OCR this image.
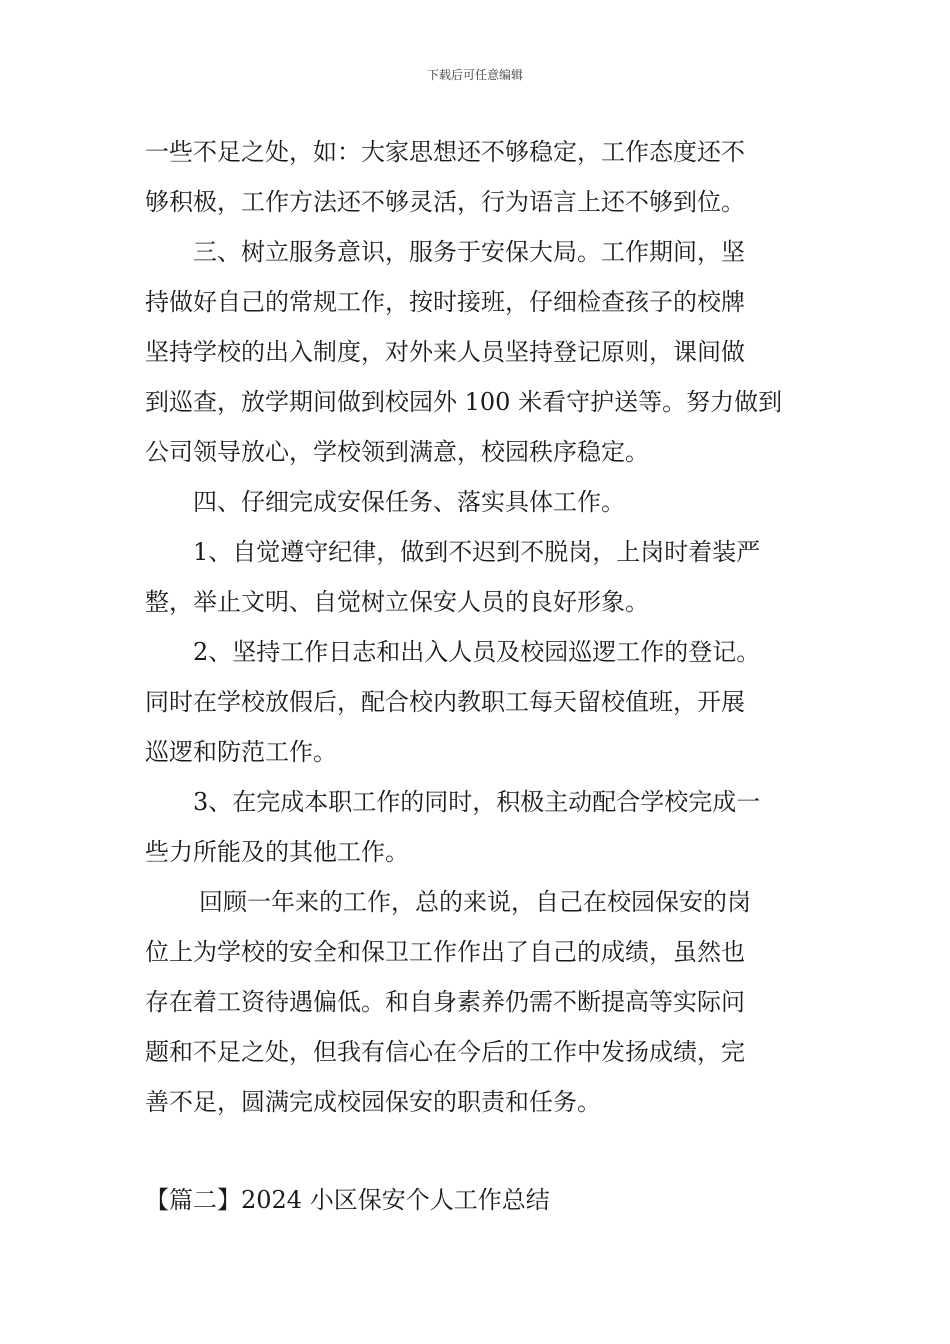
下载后可任意编辑
一些不足之处，如：大家思想还不够稳定，工作态度还不
够积极，工作方法还不够灵活，行为语言上还不够到位。
三、树立服务意识，服务于安保大局。工作期间，坚
持做好自己的常规工作，按时接班，仔细检查孩子的校牌
坚持学校的出入制度，对外来人员坚持登记原则，课间做
到巡查，放学期间做到校园外 100 米看守护送等。努力做到
公司领导放心，学校领到满意，校园秩序稳定。
四、仔细完成安保任务、落实具体工作。
1、自觉遵守纪律，做到不迟到不脱岗，上岗时着装严
整，举止文明、自觉树立保安人员的良好形象。
2、坚持工作日志和出入人员及校园巡逻工作的登记。
同时在学校放假后，配合校内教职工每天留校值班，开展
巡逻和防范工作。
3、在完成本职工作的同时，积极主动配合学校完成一
些力所能及的其他工作。
回顾一年来的工作，总的来说，自己在校园保安的岗
位上为学校的安全和保卫工作作出了自己的成绩，虽然也
存在着工资待遇偏低。和自身素养仍需不断提高等实际问
题和不足之处，但我有信心在今后的工作中发扬成绩，完
善不足，圆满完成校园保安的职责和任务。
【篇二】2024 小区保安个人工作总结
